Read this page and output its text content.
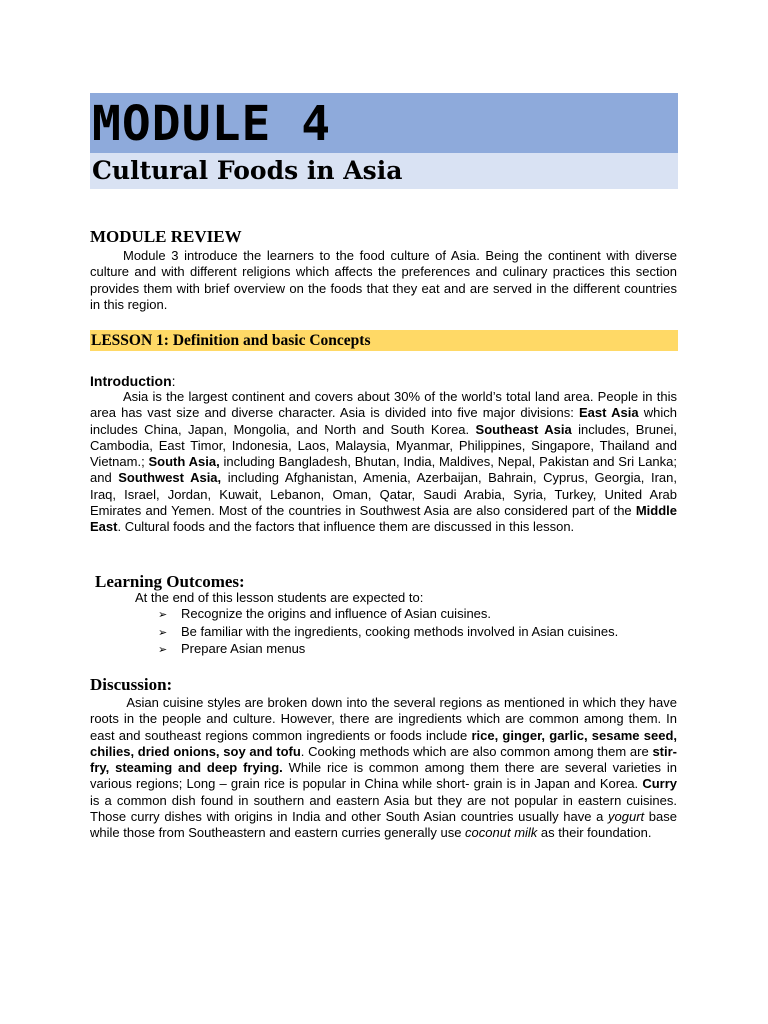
MODULE 4
Cultural Foods in Asia
MODULE REVIEW

Module 3 introduce the learners to the food culture of Asia. Being the continent with diverse culture and with different religions which affects the preferences and culinary practices this section provides them with brief overview on the foods that they eat and are served in the different countries in this region.

LESSON 1: Definition and basic Concepts
Introduction:

Asia is the largest continent and covers about 30% of the world’s total land area. People in this area has vast size and diverse character. Asia is divided into five major divisions: East Asia which includes China, Japan, Mongolia, and North and South Korea. Southeast Asia includes, Brunei, Cambodia, East Timor, Indonesia, Laos, Malaysia, Myanmar, Philippines, Singapore, Thailand and Vietnam.; South Asia, including Bangladesh, Bhutan, India, Maldives, Nepal, Pakistan and Sri Lanka; and Southwest Asia, including Afghanistan, Amenia, Azerbaijan, Bahrain, Cyprus, Georgia, Iran, Iraq, Israel, Jordan, Kuwait, Lebanon, Oman, Qatar, Saudi Arabia, Syria, Turkey, United Arab Emirates and Yemen. Most of the countries in Southwest Asia are also considered part of the Middle East. Cultural foods and the factors that influence them are discussed in this lesson.

Learning Outcomes:

At the end of this lesson students are expected to:

➢ Recognize the origins and influence of Asian cuisines.
➢ Be familiar with the ingredients, cooking methods involved in Asian cuisines.
➢ Prepare Asian menus
Discussion:

Asian cuisine styles are broken down into the several regions as mentioned in which they have roots in the people and culture. However, there are ingredients which are common among them. In east and southeast regions common ingredients or foods include rice, ginger, garlic, sesame seed, chilies, dried onions, soy and tofu. Cooking methods which are also common among them are stir- fry, steaming and deep frying. While rice is common among them there are several varieties in various regions; Long – grain rice is popular in China while short- grain is in Japan and Korea. Curry is a common dish found in southern and eastern Asia but they are not popular in eastern cuisines. Those curry dishes with origins in India and other South Asian countries usually have a yogurt base while those from Southeastern and eastern curries generally use coconut milk as their foundation.
